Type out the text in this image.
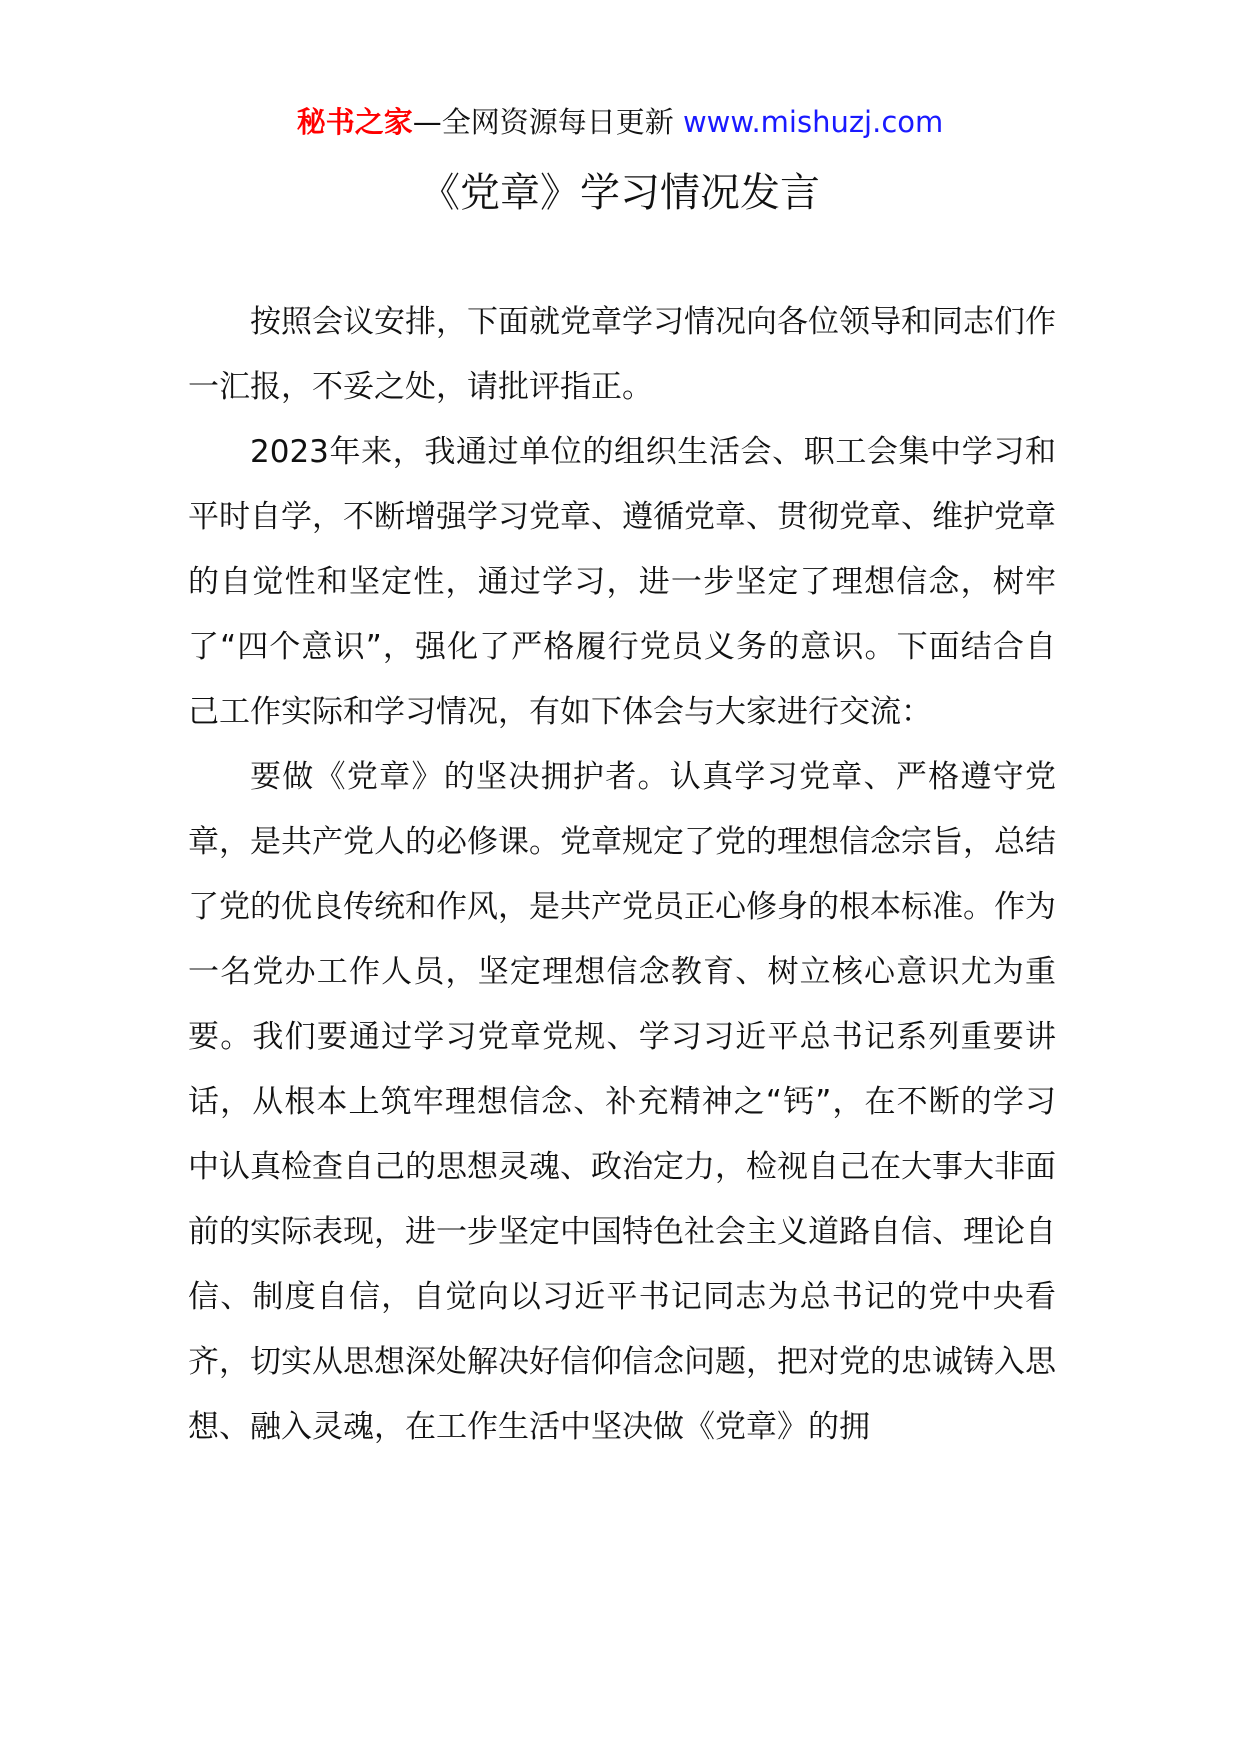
秘书之家—全网资源每日更新 www.mishuzj.com
《党章》学习情况发言

按照会议安排，下面就党章学习情况向各位领导和同志们作一汇报，不妥之处，请批评指正。

2023年来，我通过单位的组织生活会、职工会集中学习和平时自学，不断增强学习党章、遵循党章、贯彻党章、维护党章的自觉性和坚定性，通过学习，进一步坚定了理想信念，树牢了“四个意识”，强化了严格履行党员义务的意识。下面结合自己工作实际和学习情况，有如下体会与大家进行交流：

要做《党章》的坚决拥护者。认真学习党章、严格遵守党章，是共产党人的必修课。党章规定了党的理想信念宗旨，总结了党的优良传统和作风，是共产党员正心修身的根本标准。作为一名党办工作人员，坚定理想信念教育、树立核心意识尤为重要。我们要通过学习党章党规、学习习近平总书记系列重要讲话，从根本上筑牢理想信念、补充精神之“钙”，在不断的学习中认真检查自己的思想灵魂、政治定力，检视自己在大事大非面前的实际表现，进一步坚定中国特色社会主义道路自信、理论自信、制度自信，自觉向以习近平书记同志为总书记的党中央看齐，切实从思想深处解决好信仰信念问题，把对党的忠诚铸入思想、融入灵魂，在工作生活中坚决做《党章》的拥
